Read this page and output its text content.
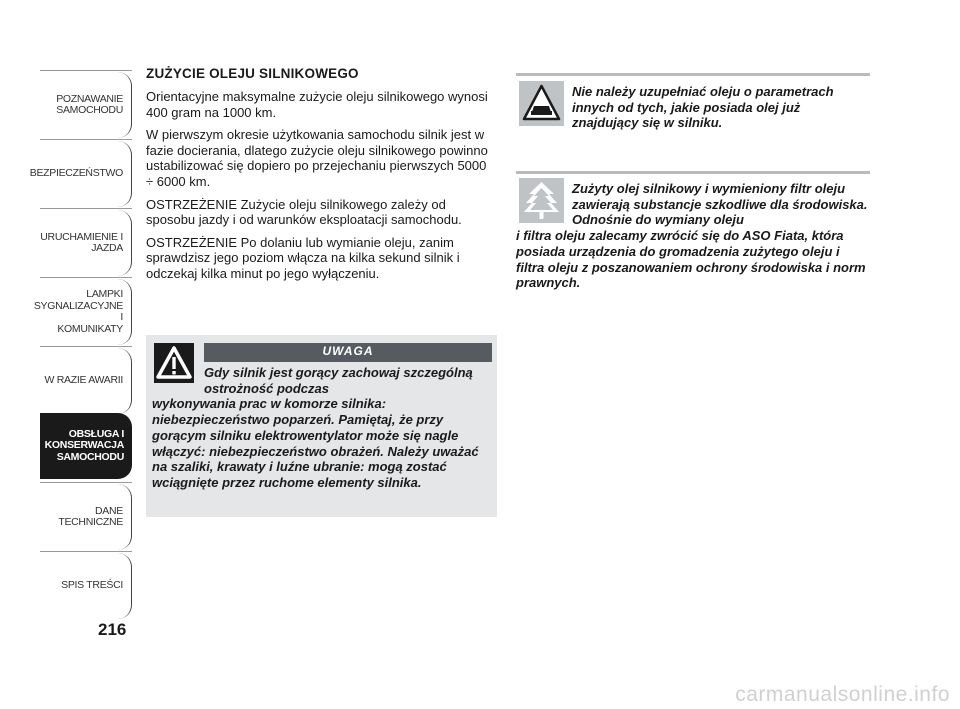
POZNAWANIE
SAMOCHODU
BEZPIECZEŃSTWO
URUCHAMIENIE I
JAZDA
LAMPKI
SYGNALIZACYJNE I
KOMUNIKATY
W RAZIE AWARII
OBSŁUGA I
KONSERWACJA
SAMOCHODU
DANE TECHNICZNE
SPIS TREŚCI
216
ZUŻYCIE OLEJU SILNIKOWEGO

Orientacyjne maksymalne zużycie oleju silnikowego wynosi 400 gram na 1000 km.

W pierwszym okresie użytkowania samochodu silnik jest w fazie docierania, dlatego zużycie oleju silnikowego powinno ustabilizować się dopiero po przejechaniu pierwszych 5000 ÷ 6000 km.

OSTRZEŻENIE Zużycie oleju silnikowego zależy od sposobu jazdy i od warunków eksploatacji samochodu.

OSTRZEŻENIE Po dolaniu lub wymianie oleju, zanim sprawdzisz jego poziom włącza na kilka sekund silnik i odczekaj kilka minut po jego wyłączeniu.

UWAGA
Gdy silnik jest gorący zachowaj szczególną ostrożność podczas
wykonywania prac w komorze silnika: niebezpieczeństwo poparzeń. Pamiętaj, że przy gorącym silniku elektrowentylator może się nagle włączyć: niebezpieczeństwo obrażeń. Należy uważać na szaliki, krawaty i luźne ubranie: mogą zostać wciągnięte przez ruchome elementy silnika.
Nie należy uzupełniać oleju o parametrach innych od tych, jakie posiada olej już znajdujący się w silniku.
Zużyty olej silnikowy i wymieniony filtr oleju zawierają substancje szkodliwe dla środowiska. Odnośnie do wymiany oleju
i filtra oleju zalecamy zwrócić się do ASO Fiata, która posiada urządzenia do gromadzenia zużytego oleju i filtra oleju z poszanowaniem ochrony środowiska i norm prawnych.
carmanualsonline.info
